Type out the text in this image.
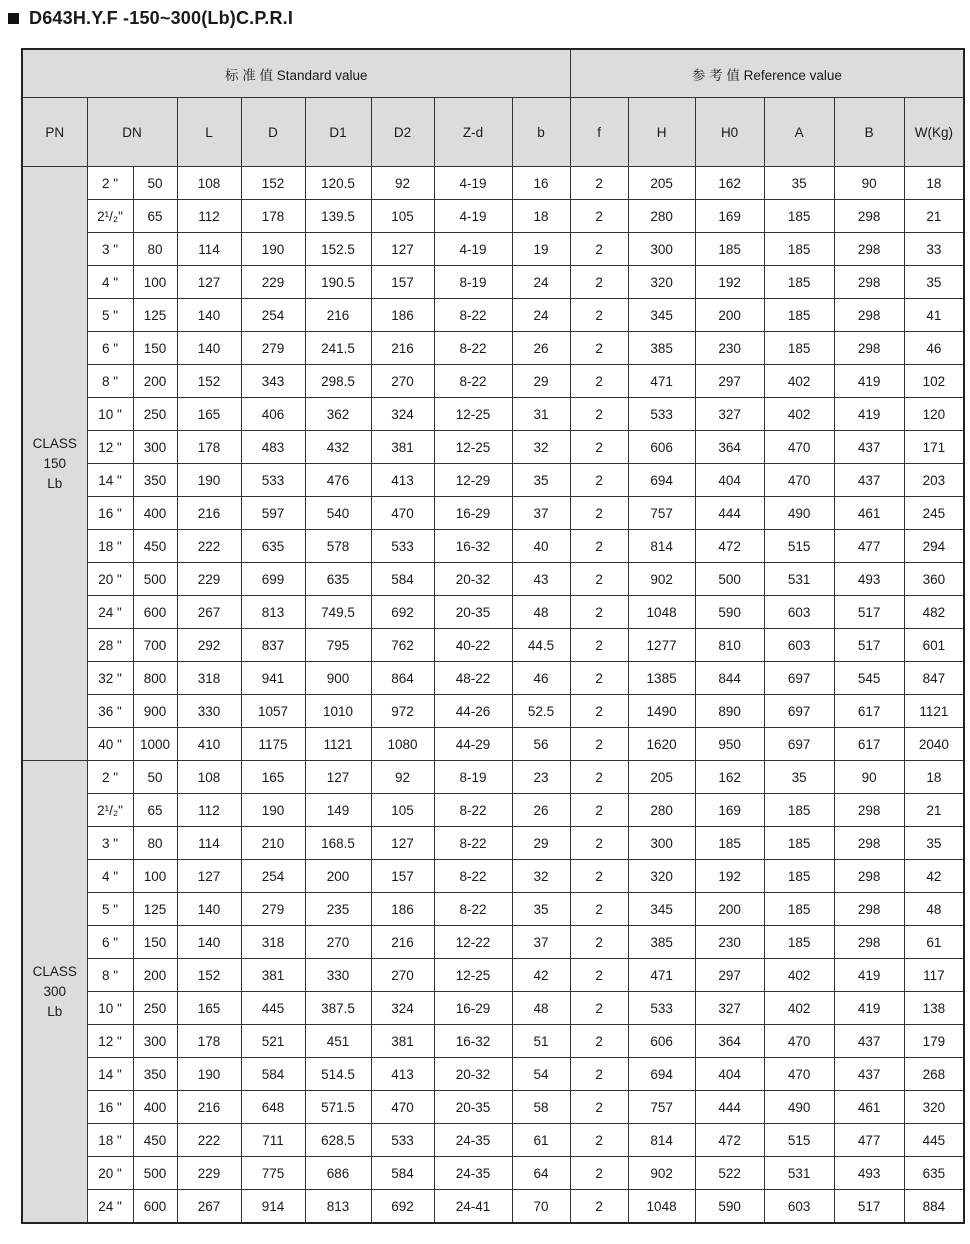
D643H.Y.F -150~300(Lb)C.P.R.I
标 准 值 Standard value									参 考 值 Reference value					
PN	DN		L	D	D1	D2	Z-d	b	f	H	H0	A	B	W(Kg)

CLASS
150
Lb	2 "	50	108	152	120.5	92	4-19	16	2	205	162	35	90	18
	2¹/₂"	65	112	178	139.5	105	4-19	18	2	280	169	185	298	21
	3 "	80	114	190	152.5	127	4-19	19	2	300	185	185	298	33
	4 "	100	127	229	190.5	157	8-19	24	2	320	192	185	298	35
	5 "	125	140	254	216	186	8-22	24	2	345	200	185	298	41
	6 "	150	140	279	241.5	216	8-22	26	2	385	230	185	298	46
	8 "	200	152	343	298.5	270	8-22	29	2	471	297	402	419	102
	10 "	250	165	406	362	324	12-25	31	2	533	327	402	419	120
	12 "	300	178	483	432	381	12-25	32	2	606	364	470	437	171
	14 "	350	190	533	476	413	12-29	35	2	694	404	470	437	203
	16 "	400	216	597	540	470	16-29	37	2	757	444	490	461	245
	18 "	450	222	635	578	533	16-32	40	2	814	472	515	477	294
	20 "	500	229	699	635	584	20-32	43	2	902	500	531	493	360
	24 "	600	267	813	749.5	692	20-35	48	2	1048	590	603	517	482
	28 "	700	292	837	795	762	40-22	44.5	2	1277	810	603	517	601
	32 "	800	318	941	900	864	48-22	46	2	1385	844	697	545	847
	36 "	900	330	1057	1010	972	44-26	52.5	2	1490	890	697	617	1121
	40 "	1000	410	1175	1121	1080	44-29	56	2	1620	950	697	617	2040

CLASS
300
Lb	2 "	50	108	165	127	92	8-19	23	2	205	162	35	90	18
	2¹/₂"	65	112	190	149	105	8-22	26	2	280	169	185	298	21
	3 "	80	114	210	168.5	127	8-22	29	2	300	185	185	298	35
	4 "	100	127	254	200	157	8-22	32	2	320	192	185	298	42
	5 "	125	140	279	235	186	8-22	35	2	345	200	185	298	48
	6 "	150	140	318	270	216	12-22	37	2	385	230	185	298	61
	8 "	200	152	381	330	270	12-25	42	2	471	297	402	419	117
	10 "	250	165	445	387.5	324	16-29	48	2	533	327	402	419	138
	12 "	300	178	521	451	381	16-32	51	2	606	364	470	437	179
	14 "	350	190	584	514.5	413	20-32	54	2	694	404	470	437	268
	16 "	400	216	648	571.5	470	20-35	58	2	757	444	490	461	320
	18 "	450	222	711	628.5	533	24-35	61	2	814	472	515	477	445
	20 "	500	229	775	686	584	24-35	64	2	902	522	531	493	635
	24 "	600	267	914	813	692	24-41	70	2	1048	590	603	517	884
